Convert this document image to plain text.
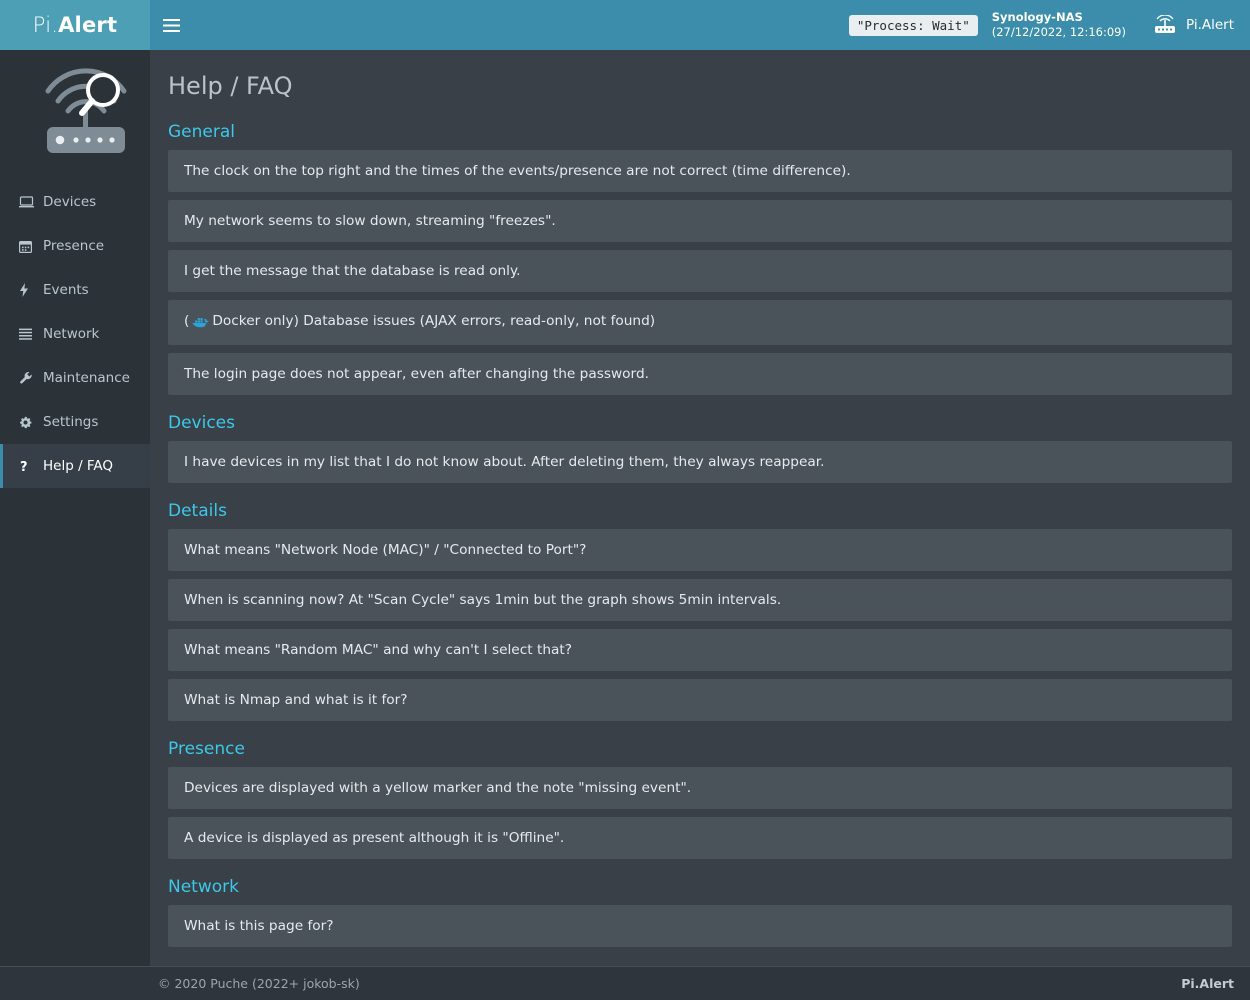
Pi. Alert	"Process: Wait"
Synology-NAS
(27/12/2022, 12:16:09)	Pi.Alert
Devices
Presence
Events
Network
Maintenance
Settings
? Help / FAQ
Help / FAQ
General
The clock on the top right and the times of the events/presence are not correct (time difference).
My network seems to slow down, streaming "freezes".
I get the message that the database is read only.
( Docker only) Database issues (AJAX errors, read-only, not found)
The login page does not appear, even after changing the password.
Devices
I have devices in my list that I do not know about. After deleting them, they always reappear.
Details
What means "Network Node (MAC)" / "Connected to Port"?
When is scanning now? At "Scan Cycle" says 1min but the graph shows 5min intervals.
What means "Random MAC" and why can't I select that?
What is Nmap and what is it for?
Presence
Devices are displayed with a yellow marker and the note "missing event".
A device is displayed as present although it is "Offline".
Network
What is this page for?
© 2020 Puche (2022+ jokob-sk)	Pi.Alert
